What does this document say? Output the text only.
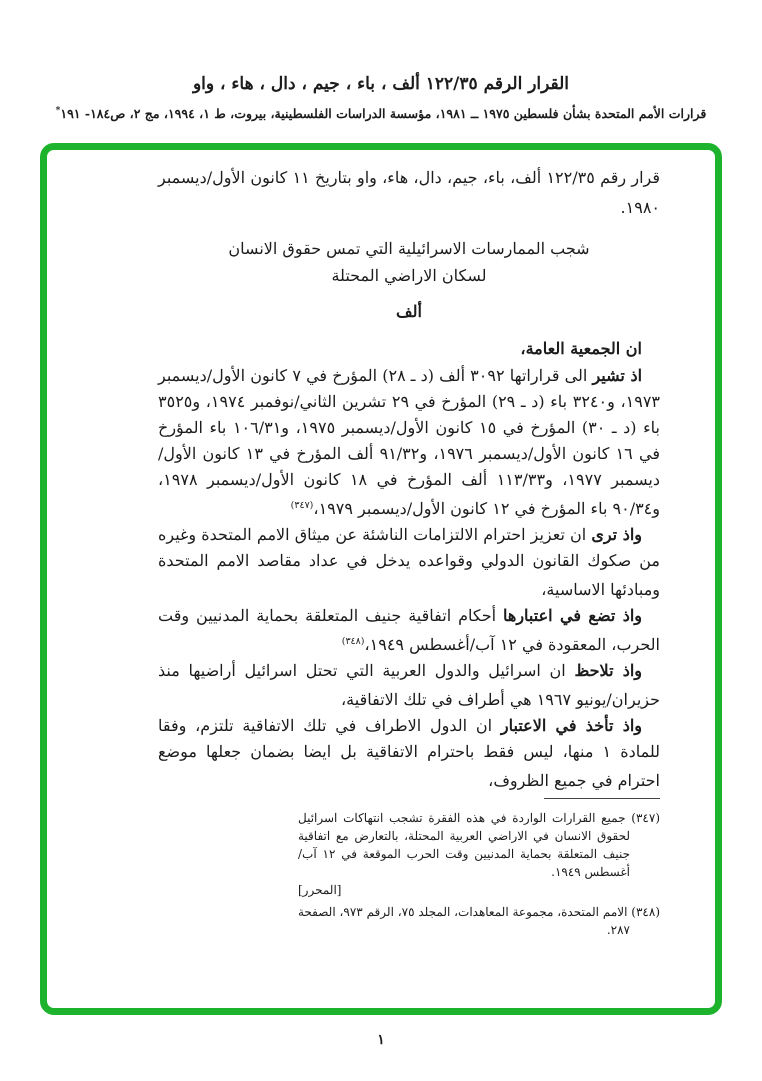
القرار الرقم ١٢٢/٣٥ ألف ، باء ، جيم ، دال ، هاء ، واو
قرارات الأمم المتحدة بشأن فلسطين ١٩٧٥ ــ ١٩٨١، مؤسسة الدراسات الفلسطينية، بيروت، ط ١، ١٩٩٤، مج ٢، ص١٨٤- ١٩١*

قرار رقم ١٢٢/٣٥ ألف، باء، جيم، دال، هاء، واو بتاريخ ١١ كانون الأول/ديسمبر ١٩٨٠.

شجب الممارسات الاسرائيلية التي تمس حقوق الانسان
لسكان الاراضي المحتلة
ألف

ان الجمعية العامة،

اذ تشير الى قراراتها ٣٠٩٢ ألف (د ـ ٢٨) المؤرخ في ٧ كانون الأول/ديسمبر ١٩٧٣، و٣٢٤٠ باء (د ـ ٢٩) المؤرخ في ٢٩ تشرين الثاني/نوفمبر ١٩٧٤، و٣٥٢٥ باء (د ـ ٣٠) المؤرخ في ١٥ كانون الأول/ديسمبر ١٩٧٥، و١٠٦/٣١ باء المؤرخ في ١٦ كانون الأول/ديسمبر ١٩٧٦، و٩١/٣٢ ألف المؤرخ في ١٣ كانون الأول/ديسمبر ١٩٧٧، و١١٣/٣٣ ألف المؤرخ في ١٨ كانون الأول/ديسمبر ١٩٧٨، و٩٠/٣٤ باء المؤرخ في ١٢ كانون الأول/ديسمبر ١٩٧٩،$^{(٣٤٧)}$

واذ ترى ان تعزيز احترام الالتزامات الناشئة عن ميثاق الامم المتحدة وغيره من صكوك القانون الدولي وقواعده يدخل في عداد مقاصد الامم المتحدة ومبادئها الاساسية،

واذ تضع في اعتبارها أحكام اتفاقية جنيف المتعلقة بحماية المدنيين وقت الحرب، المعقودة في ١٢ آب/أغسطس ١٩٤٩،$^{(٣٤٨)}$

واذ تلاحظ ان اسرائيل والدول العربية التي تحتل اسرائيل أراضيها منذ حزيران/يونيو ١٩٦٧ هي أطراف في تلك الاتفاقية،

واذ تأخذ في الاعتبار ان الدول الاطراف في تلك الاتفاقية تلتزم، وفقا للمادة ١ منها، ليس فقط باحترام الاتفاقية بل ايضا بضمان جعلها موضع احترام في جميع الظروف،

(٣٤٧) جميع القرارات الواردة في هذه الفقرة تشجب انتهاكات اسرائيل لحقوق الانسان في الاراضي العربية المحتلة، بالتعارض مع اتفاقية جنيف المتعلقة بحماية المدنيين وقت الحرب الموقعة في ١٢ آب/أغسطس ١٩٤٩.
[المحرر]

(٣٤٨) الامم المتحدة، مجموعة المعاهدات، المجلد ٧٥، الرقم ٩٧٣، الصفحة ٢٨٧.

١
